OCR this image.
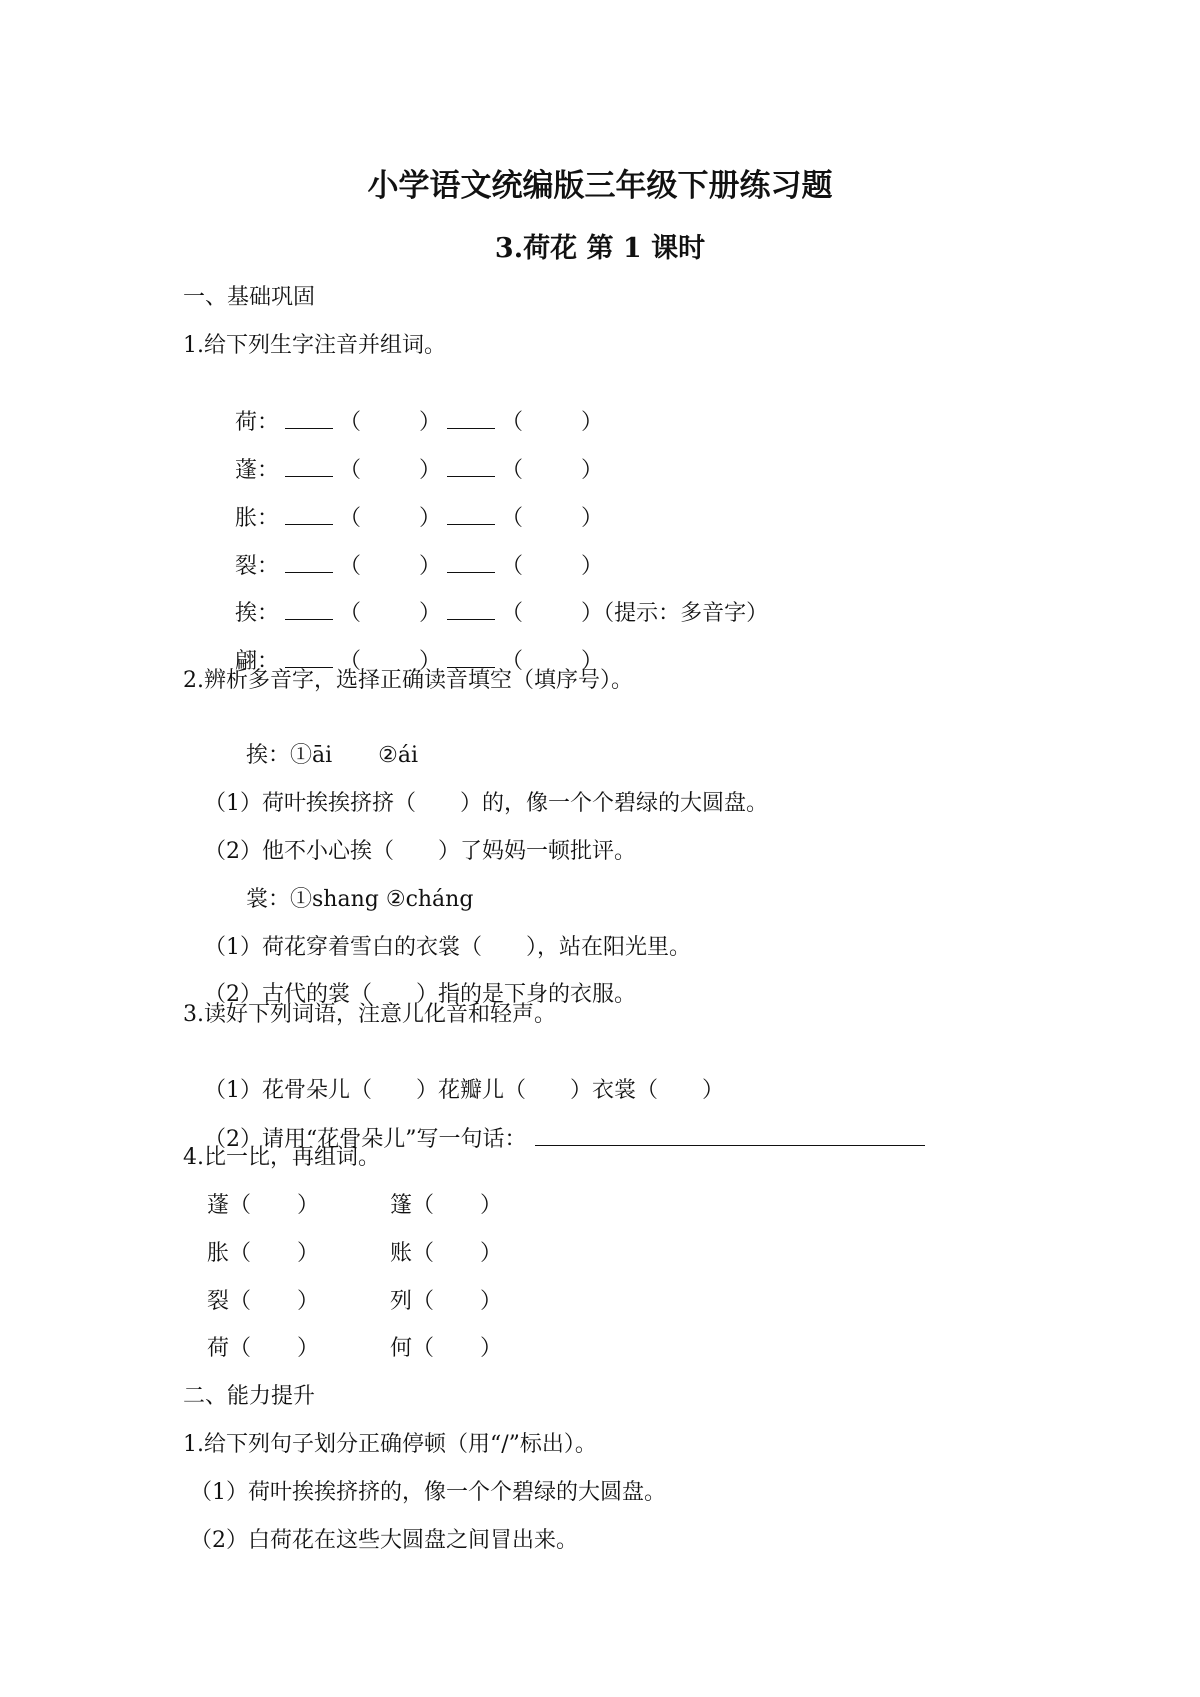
小学语文统编版三年级下册练习题
3.荷花 第 1 课时
一、基础巩固
1.给下列生字注音并组词。

荷：	（	）	（	）

蓬：	（	）	（	）

胀：	（	）	（	）

裂：	（	）	（	）

挨：	（	）	（	）（提示：多音字）

翩：	（	）	（	）

2.辨析多音字，选择正确读音填空（填序号）。

挨：①āi ②ái

（1）荷叶挨挨挤挤（ ）的，像一个个碧绿的大圆盘。

（2）他不小心挨（ ）了妈妈一顿批评。

裳：①shang ②cháng

（1）荷花穿着雪白的衣裳（ ），站在阳光里。

（2）古代的裳（ ）指的是下身的衣服。

3.读好下列词语，注意儿化音和轻声。

（1）花骨朵儿（ ）花瓣儿（ ）衣裳（ ）

（2）请用“花骨朵儿”写一句话：

4.比一比，再组词。
蓬（ ）	篷（ ）
胀（ ）	账（ ）
裂（ ）	列（ ）
荷（ ）	何（ ）
二、能力提升
1.给下列句子划分正确停顿（用“/”标出）。
（1）荷叶挨挨挤挤的，像一个个碧绿的大圆盘。
（2）白荷花在这些大圆盘之间冒出来。
